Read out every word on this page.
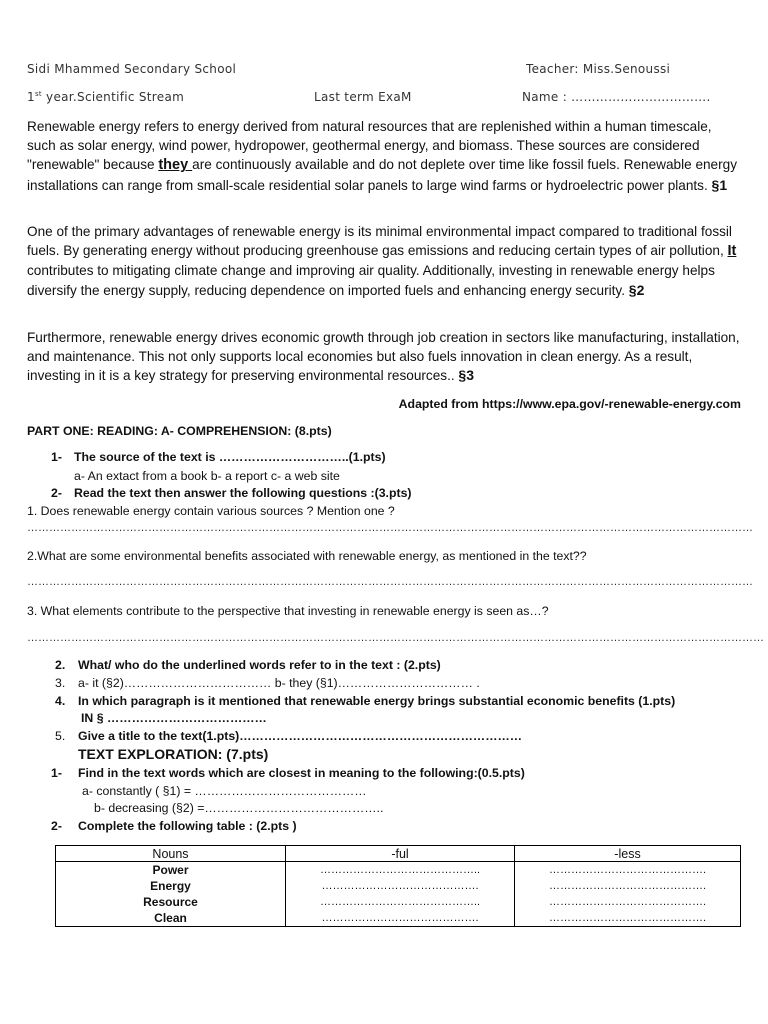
Sidi Mhammed Secondary School	Teacher: Miss.Senoussi
1st year.Scientific Stream	Last term ExaM	Name : …………………………….

Renewable energy refers to energy derived from natural resources that are replenished within a human timescale, such as solar energy, wind power, hydropower, geothermal energy, and biomass. These sources are considered "renewable" because they are continuously available and do not deplete over time like fossil fuels. Renewable energy installations can range from small-scale residential solar panels to large wind farms or hydroelectric power plants. §1

One of the primary advantages of renewable energy is its minimal environmental impact compared to traditional fossil fuels. By generating energy without producing greenhouse gas emissions and reducing certain types of air pollution, It contributes to mitigating climate change and improving air quality. Additionally, investing in renewable energy helps diversify the energy supply, reducing dependence on imported fuels and enhancing energy security. §2

Furthermore, renewable energy drives economic growth through job creation in sectors like manufacturing, installation, and maintenance. This not only supports local economies but also fuels innovation in clean energy. As a result, investing in it is a key strategy for preserving environmental resources.. §3

Adapted from https://www.epa.gov/-renewable-energy.com
PART ONE: READING: A- COMPREHENSION: (8.pts)
1- The source of the text is …………………………..(1.pts)
a- An extact from a book b- a report c- a web site
2- Read the text then answer the following questions :(3.pts)
1. Does renewable energy contain various sources ? Mention one ?
………………………………………………………………………………………………………………………………………………………………………………
2.What are some environmental benefits associated with renewable energy, as mentioned in the text??
………………………………………………………………………………………………………………………………………………………………………………
3. What elements contribute to the perspective that investing in renewable energy is seen as…?
…………………………………………………………………………………………………………………………………………………………………………………
2. What/ who do the underlined words refer to in the text : (2.pts)
3. a- it (§2)……………………………… b- they (§1)…………………………… .
4. In which paragraph is it mentioned that renewable energy brings substantial economic benefits (1.pts)
IN § …………………………………
5. Give a title to the text(1.pts)……………………………………………………………
TEXT EXPLORATION: (7.pts)
1- Find in the text words which are closest in meaning to the following:(0.5.pts)
a- constantly ( §1) = ……………………………………
b- decreasing (§2) =……………………………………..
2- Complete the following table : (2.pts )
Nouns	-ful	-less
Power	……………………………………..	…………………………………….
Energy	…………………………………….	…………………………………….
Resource	……………………………………..	…………………………………….
Clean	…………………………………….	…………………………………….
